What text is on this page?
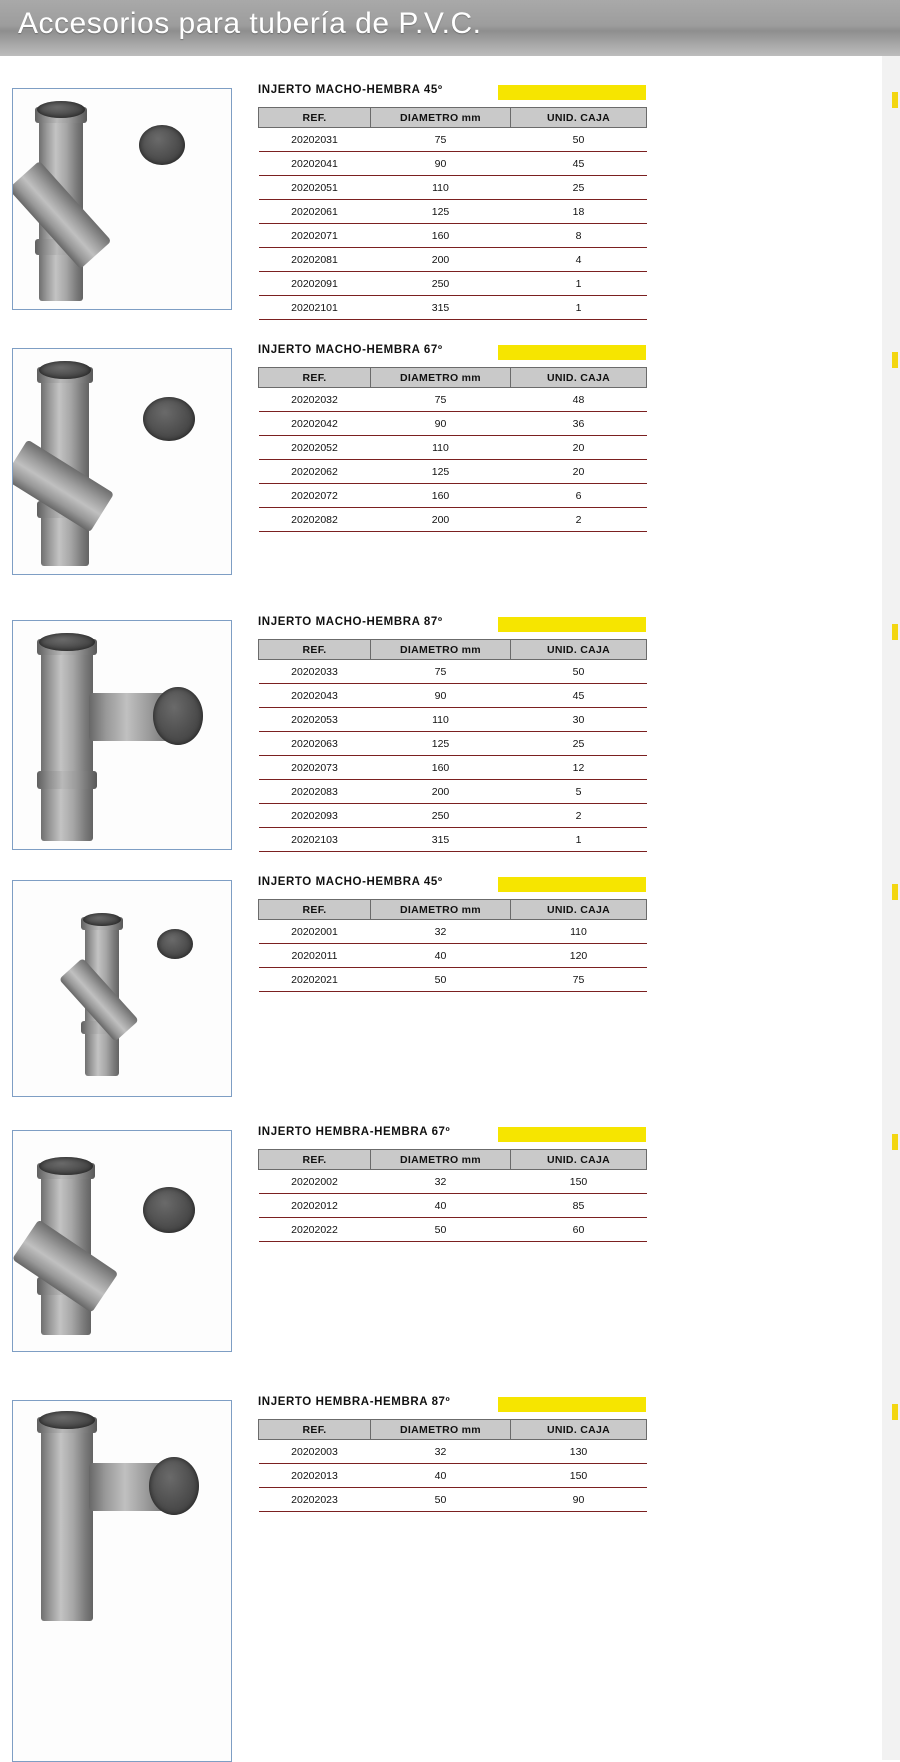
Accesorios para tubería de P.V.C.
INJERTO MACHO-HEMBRA 45º
REF.	DIAMETRO mm	UNID. CAJA
20202031	75	50
20202041	90	45
20202051	110	25
20202061	125	18
20202071	160	8
20202081	200	4
20202091	250	1
20202101	315	1
INJERTO MACHO-HEMBRA 67º
REF.	DIAMETRO mm	UNID. CAJA
20202032	75	48
20202042	90	36
20202052	110	20
20202062	125	20
20202072	160	6
20202082	200	2
INJERTO MACHO-HEMBRA 87º
REF.	DIAMETRO mm	UNID. CAJA
20202033	75	50
20202043	90	45
20202053	110	30
20202063	125	25
20202073	160	12
20202083	200	5
20202093	250	2
20202103	315	1
INJERTO MACHO-HEMBRA 45º
REF.	DIAMETRO mm	UNID. CAJA
20202001	32	110
20202011	40	120
20202021	50	75
INJERTO HEMBRA-HEMBRA 67º
REF.	DIAMETRO mm	UNID. CAJA
20202002	32	150
20202012	40	85
20202022	50	60
INJERTO HEMBRA-HEMBRA 87º
REF.	DIAMETRO mm	UNID. CAJA
20202003	32	130
20202013	40	150
20202023	50	90
